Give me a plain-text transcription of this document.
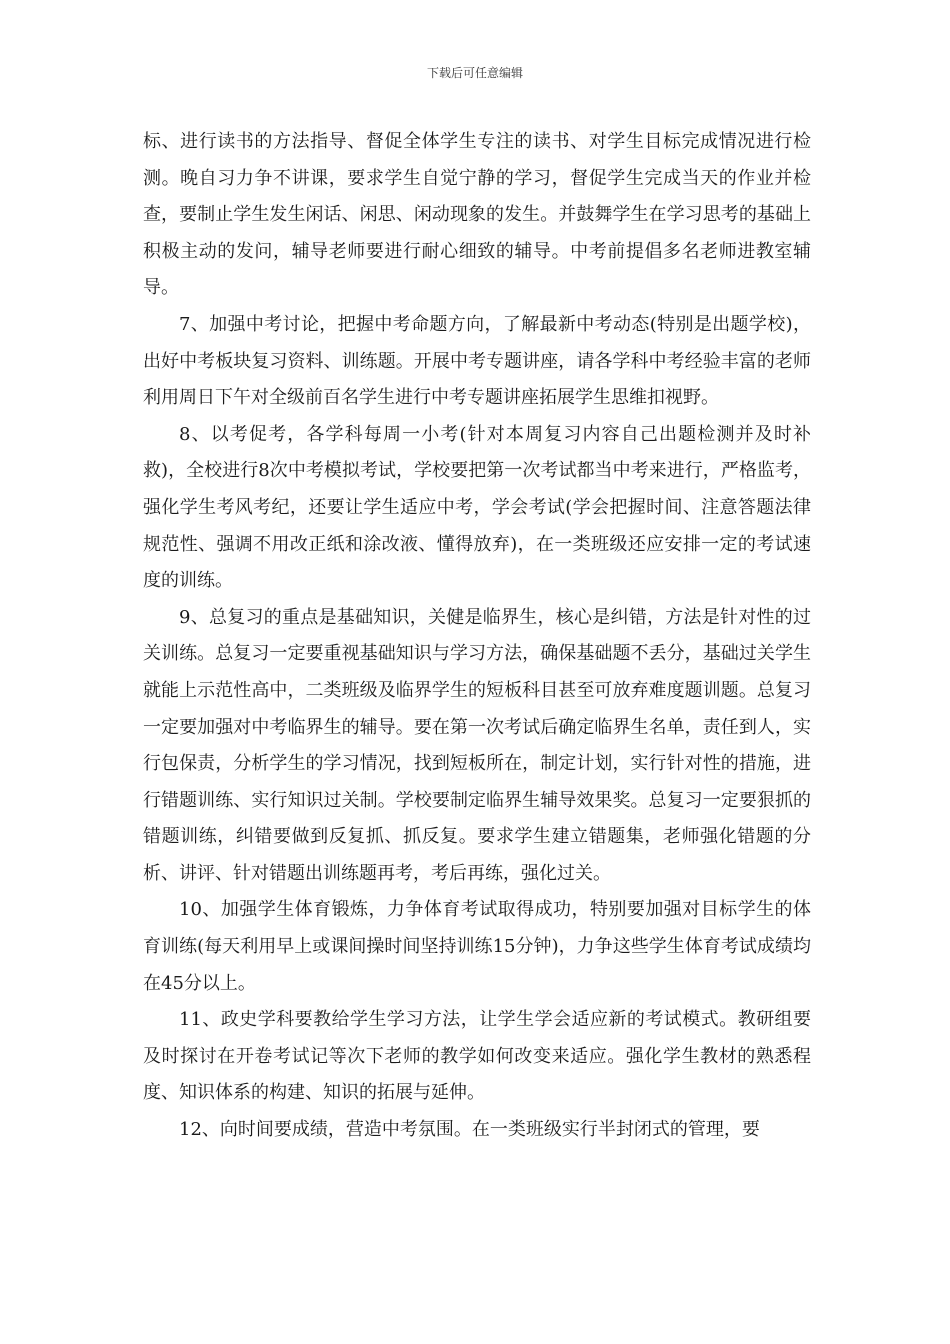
下载后可任意编辑

标、进行读书的方法指导、督促全体学生专注的读书、对学生目标完成情况进行检测。晚自习力争不讲课，要求学生自觉宁静的学习，督促学生完成当天的作业并检查，要制止学生发生闲话、闲思、闲动现象的发生。并鼓舞学生在学习思考的基础上积极主动的发问，辅导老师要进行耐心细致的辅导。中考前提倡多名老师进教室辅导。

7、加强中考讨论，把握中考命题方向，了解最新中考动态(特别是出题学校)，出好中考板块复习资料、训练题。开展中考专题讲座，请各学科中考经验丰富的老师利用周日下午对全级前百名学生进行中考专题讲座拓展学生思维扣视野。

8、以考促考，各学科每周一小考(针对本周复习内容自己出题检测并及时补救)，全校进行8次中考模拟考试，学校要把第一次考试都当中考来进行，严格监考，强化学生考风考纪，还要让学生适应中考，学会考试(学会把握时间、注意答题法律规范性、强调不用改正纸和涂改液、懂得放弃)，在一类班级还应安排一定的考试速度的训练。

9、总复习的重点是基础知识，关健是临界生，核心是纠错，方法是针对性的过关训练。总复习一定要重视基础知识与学习方法，确保基础题不丢分，基础过关学生就能上示范性高中，二类班级及临界学生的短板科目甚至可放弃难度题训题。总复习一定要加强对中考临界生的辅导。要在第一次考试后确定临界生名单，责任到人，实行包保责，分析学生的学习情况，找到短板所在，制定计划，实行针对性的措施，进行错题训练、实行知识过关制。学校要制定临界生辅导效果奖。总复习一定要狠抓的错题训练，纠错要做到反复抓、抓反复。要求学生建立错题集，老师强化错题的分析、讲评、针对错题出训练题再考，考后再练，强化过关。

10、加强学生体育锻炼，力争体育考试取得成功，特别要加强对目标学生的体育训练(每天利用早上或课间操时间坚持训练15分钟)，力争这些学生体育考试成绩均在45分以上。

11、政史学科要教给学生学习方法，让学生学会适应新的考试模式。教研组要及时探讨在开卷考试记等次下老师的教学如何改变来适应。强化学生教材的熟悉程度、知识体系的构建、知识的拓展与延伸。

12、向时间要成绩，营造中考氛围。在一类班级实行半封闭式的管理，要
